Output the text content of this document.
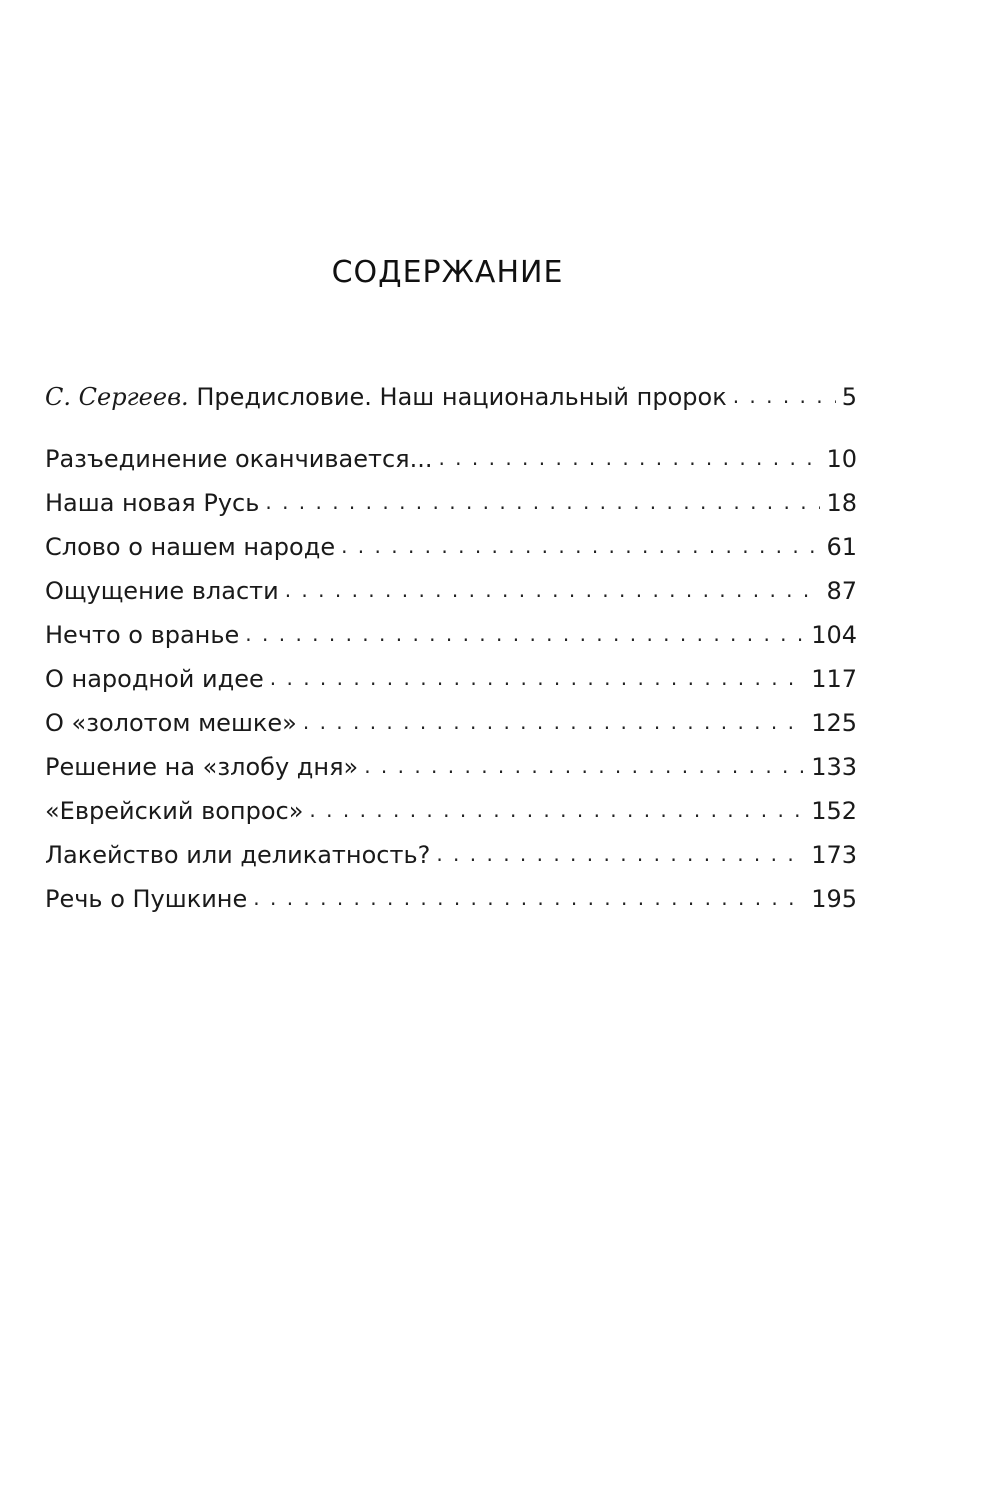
СОДЕРЖАНИЕ
С. Сергеев. Предисловие. Наш национальный пророк . . .	5
Разъединение оканчивается... . . .	10
Наша новая Русь . . .	18
Слово о нашем народе . . .	61
Ощущение власти . . .	87
Нечто о вранье . . .	104
О народной идее . . .	117
О «золотом мешке» . . .	125
Решение на «злобу дня» . . .	133
«Еврейский вопрос» . . .	152
Лакейство или деликатность? . . .	173
Речь о Пушкине . . .	195
